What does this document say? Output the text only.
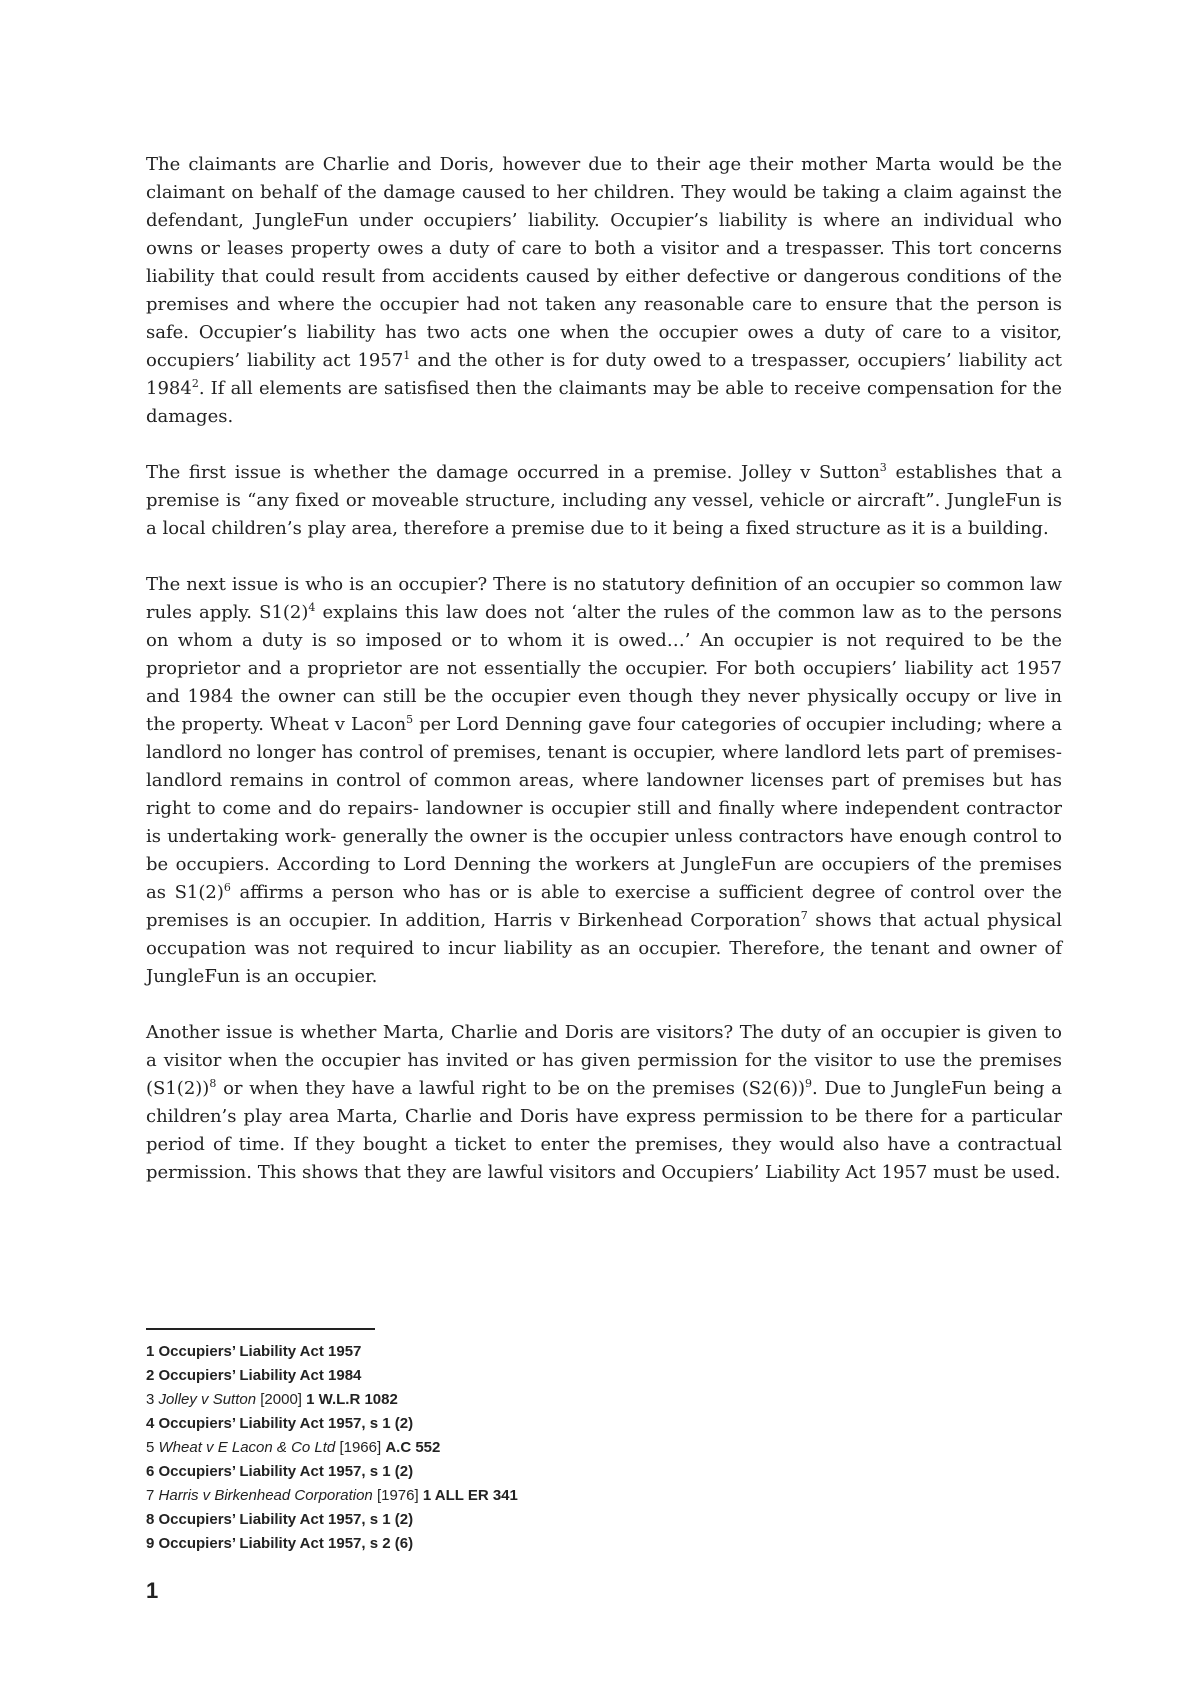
The claimants are Charlie and Doris, however due to their age their mother Marta would be the claimant on behalf of the damage caused to her children. They would be taking a claim against the defendant, JungleFun under occupiers’ liability. Occupier’s liability is where an individual who owns or leases property owes a duty of care to both a visitor and a trespasser. This tort concerns liability that could result from accidents caused by either defective or dangerous conditions of the premises and where the occupier had not taken any reasonable care to ensure that the person is safe. Occupier’s liability has two acts one when the occupier owes a duty of care to a visitor, occupiers’ liability act 1957$^1$ and the other is for duty owed to a trespasser, occupiers’ liability act 1984$^2$. If all elements are satisfised then the claimants may be able to receive compensation for the damages.

The first issue is whether the damage occurred in a premise. Jolley v Sutton$^3$ establishes that a premise is “any fixed or moveable structure, including any vessel, vehicle or aircraft”. JungleFun is a local children’s play area, therefore a premise due to it being a fixed structure as it is a building.

The next issue is who is an occupier? There is no statutory definition of an occupier so common law rules apply. $S1(2)^4$ explains this law does not ‘alter the rules of the common law as to the persons on whom a duty is so imposed or to whom it is owed…’ An occupier is not required to be the proprietor and a proprietor are not essentially the occupier. For both occupiers’ liability act 1957 and 1984 the owner can still be the occupier even though they never physically occupy or live in the property. Wheat v Lacon$^5$ per Lord Denning gave four categories of occupier including; where a landlord no longer has control of premises, tenant is occupier, where landlord lets part of premises- landlord remains in control of common areas, where landowner licenses part of premises but has right to come and do repairs- landowner is occupier still and finally where independent contractor is undertaking work- generally the owner is the occupier unless contractors have enough control to be occupiers. According to Lord Denning the workers at JungleFun are occupiers of the premises as $S1(2)^6$ affirms a person who has or is able to exercise a sufficient degree of control over the premises is an occupier. In addition, Harris v Birkenhead Corporation$^7$ shows that actual physical occupation was not required to incur liability as an occupier. Therefore, the tenant and owner of JungleFun is an occupier.

Another issue is whether Marta, Charlie and Doris are visitors? The duty of an occupier is given to a visitor when the occupier has invited or has given permission for the visitor to use the premises $(S1(2))^8$ or when they have a lawful right to be on the premises $(S2(6))^9$. Due to JungleFun being a children’s play area Marta, Charlie and Doris have express permission to be there for a particular period of time. If they bought a ticket to enter the premises, they would also have a contractual permission. This shows that they are lawful visitors and Occupiers’ Liability Act 1957 must be used.

1 Occupiers’ Liability Act 1957
2 Occupiers’ Liability Act 1984
3 Jolley v Sutton [2000] 1 W.L.R 1082
4 Occupiers’ Liability Act 1957, s 1 (2)
5 Wheat v E Lacon & Co Ltd [1966] A.C 552
6 Occupiers’ Liability Act 1957, s 1 (2)
7 Harris v Birkenhead Corporation [1976] 1 ALL ER 341
8 Occupiers’ Liability Act 1957, s 1 (2)
9 Occupiers’ Liability Act 1957, s 2 (6)
1
